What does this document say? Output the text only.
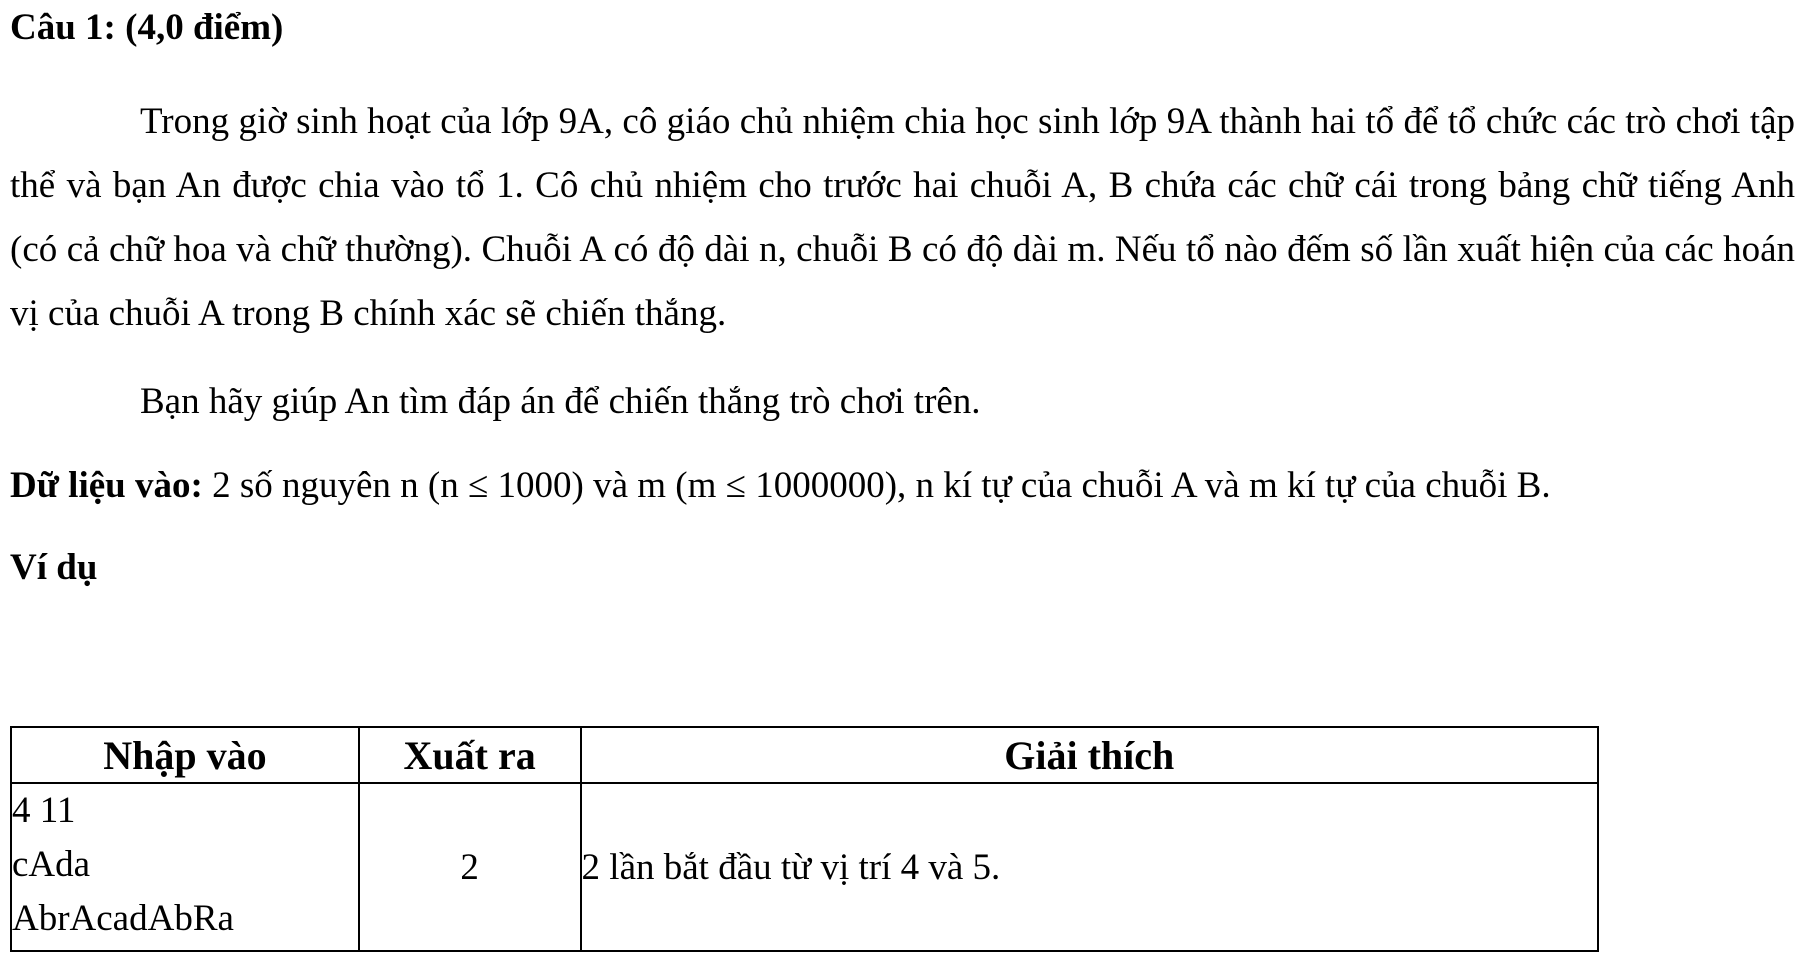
Câu 1: (4,0 điểm)

Trong giờ sinh hoạt của lớp 9A, cô giáo chủ nhiệm chia học sinh lớp 9A thành hai tổ để tổ chức các trò chơi tập thể và bạn An được chia vào tổ 1. Cô chủ nhiệm cho trước hai chuỗi A, B chứa các chữ cái trong bảng chữ tiếng Anh (có cả chữ hoa và chữ thường). Chuỗi A có độ dài n, chuỗi B có độ dài m. Nếu tổ nào đếm số lần xuất hiện của các hoán vị của chuỗi A trong B chính xác sẽ chiến thắng.

Bạn hãy giúp An tìm đáp án để chiến thắng trò chơi trên.

Dữ liệu vào: 2 số nguyên n (n ≤ 1000) và m (m ≤ 1000000), n kí tự của chuỗi A và m kí tự của chuỗi B.

Ví dụ
Nhập vào	Xuất ra	Giải thích

4 11
cAda
AbrAcadAbRa	2	2 lần bắt đầu từ vị trí 4 và 5.
